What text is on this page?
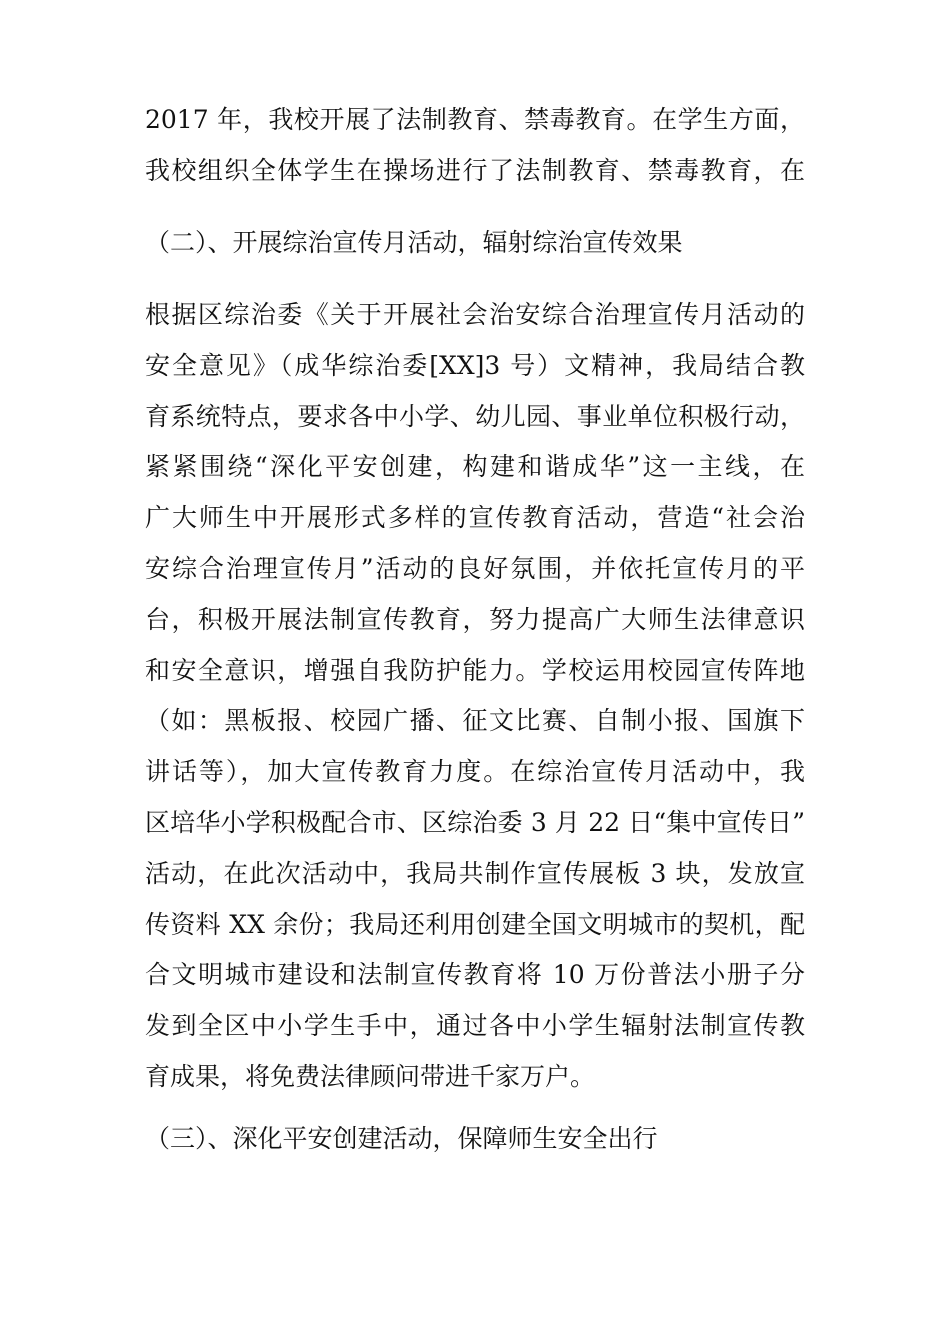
2017 年，我校开展了法制教育、禁毒教育。在学生方面，
我校组织全体学生在操场进行了法制教育、禁毒教育，在
（二）、开展综治宣传月活动，辐射综治宣传效果
根据区综治委《关于开展社会治安综合治理宣传月活动的
安全意见》（成华综治委[XX]3 号）文精神，我局结合教
育系统特点，要求各中小学、幼儿园、事业单位积极行动，
紧紧围绕“深化平安创建，构建和谐成华”这一主线，在
广大师生中开展形式多样的宣传教育活动，营造“社会治
安综合治理宣传月”活动的良好氛围，并依托宣传月的平
台，积极开展法制宣传教育，努力提高广大师生法律意识
和安全意识，增强自我防护能力。学校运用校园宣传阵地
（如：黑板报、校园广播、征文比赛、自制小报、国旗下
讲话等），加大宣传教育力度。在综治宣传月活动中，我
区培华小学积极配合市、区综治委 3 月 22 日“集中宣传日”
活动，在此次活动中，我局共制作宣传展板 3 块，发放宣
传资料 XX 余份；我局还利用创建全国文明城市的契机，配
合文明城市建设和法制宣传教育将 10 万份普法小册子分
发到全区中小学生手中，通过各中小学生辐射法制宣传教
育成果，将免费法律顾问带进千家万户。
（三）、深化平安创建活动，保障师生安全出行
